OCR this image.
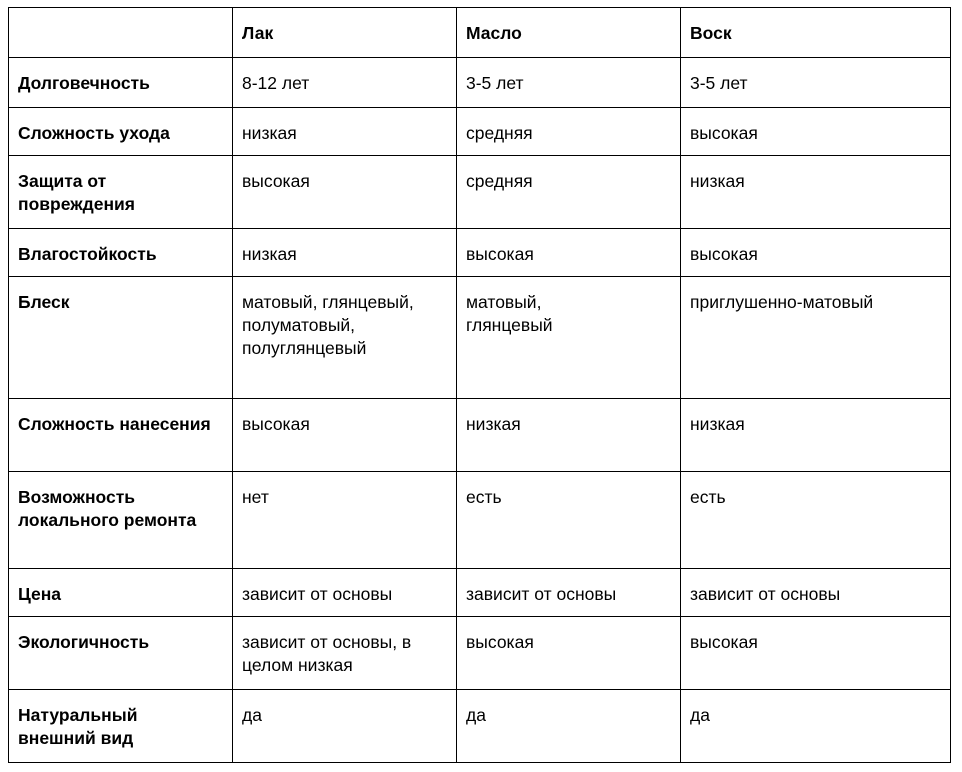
	Лак	Масло	Воск
Долговечность	8-12 лет	3-5 лет	3-5 лет
Сложность ухода	низкая	средняя	высокая
Защита от повреждения	высокая	средняя	низкая
Влагостойкость	низкая	высокая	высокая
Блеск	матовый, глянцевый, полуматовый, полуглянцевый	матовый, глянцевый	приглушенно-матовый
Сложность нанесения	высокая	низкая	низкая
Возможность локального ремонта	нет	есть	есть
Цена	зависит от основы	зависит от основы	зависит от основы
Экологичность	зависит от основы, в целом низкая	высокая	высокая
Натуральный внешний вид	да	да	да
